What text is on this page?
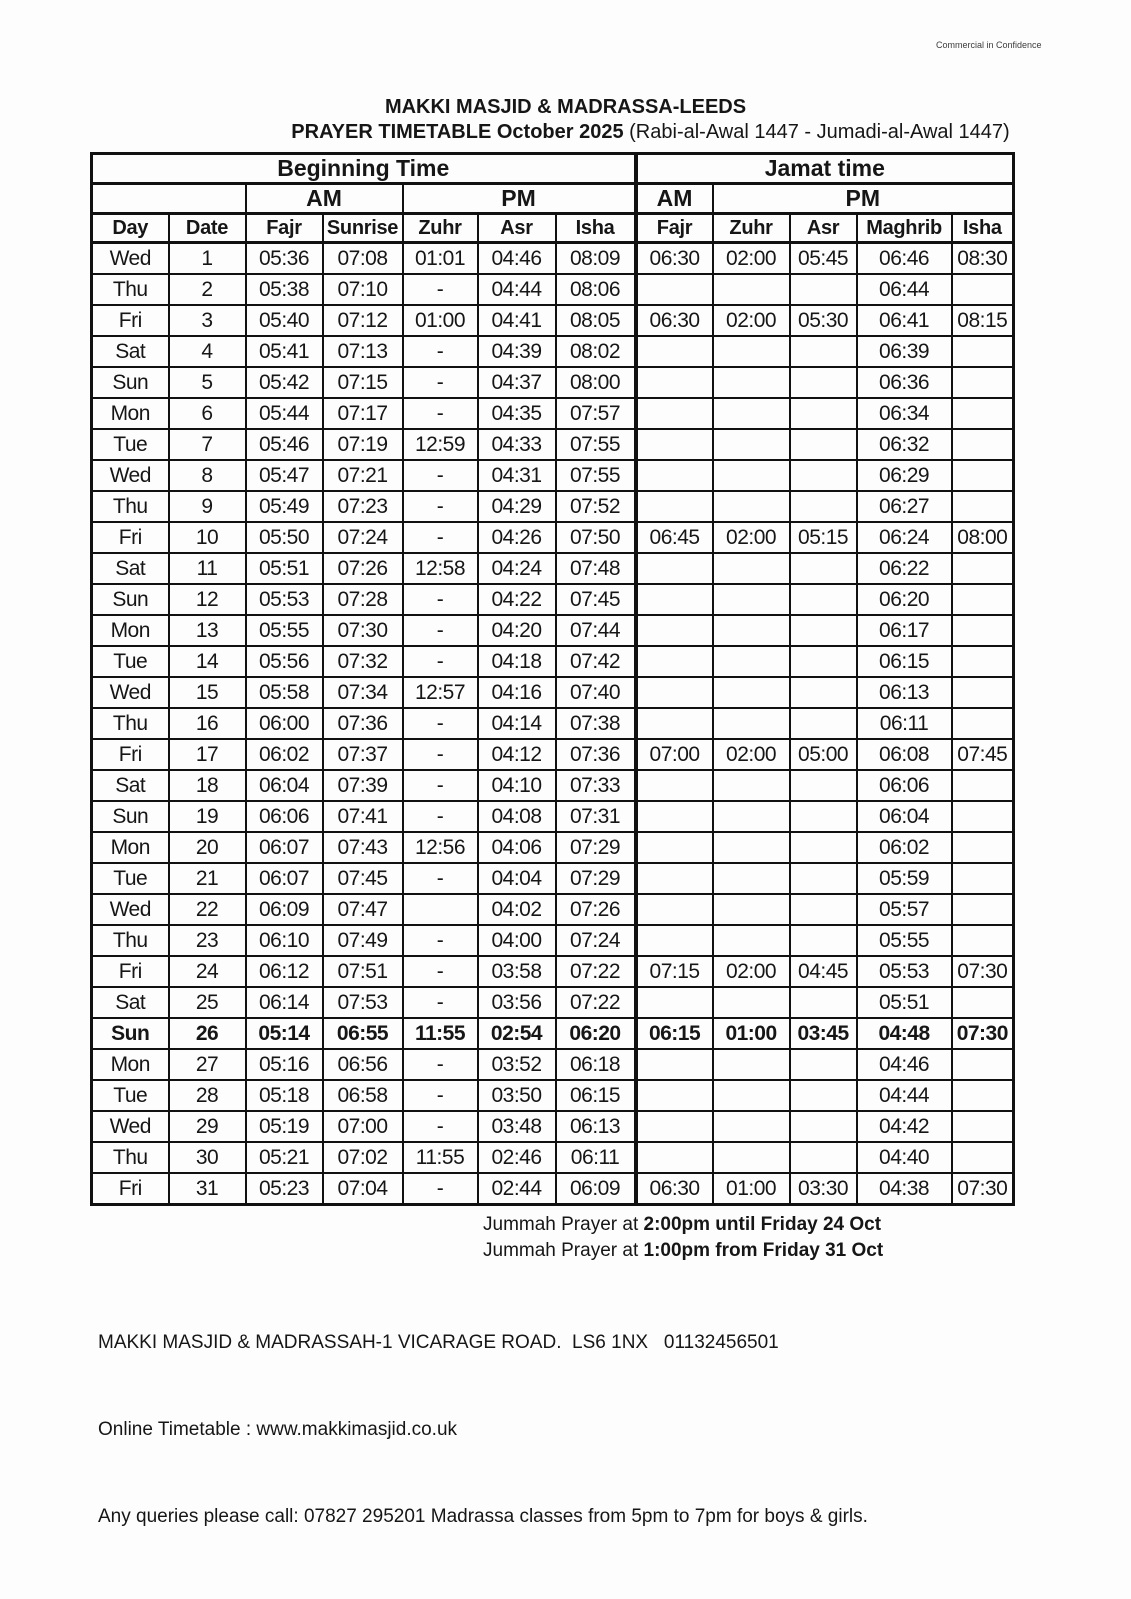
Commercial in Confidence
MAKKI MASJID & MADRASSA-LEEDS
PRAYER TIMETABLE October 2025 (Rabi-al-Awal 1447 - Jumadi-al-Awal 1447)
Beginning Time							Jamat time				
		AM		PM			AM	PM			
Day	Date	Fajr	Sunrise	Zuhr	Asr	Isha	Fajr	Zuhr	Asr	Maghrib	Isha
Wed	1	05:36	07:08	01:01	04:46	08:09	06:30	02:00	05:45	06:46	08:30
Thu	2	05:38	07:10	-	04:44	08:06				06:44	
Fri	3	05:40	07:12	01:00	04:41	08:05	06:30	02:00	05:30	06:41	08:15
Sat	4	05:41	07:13	-	04:39	08:02				06:39	
Sun	5	05:42	07:15	-	04:37	08:00				06:36	
Mon	6	05:44	07:17	-	04:35	07:57				06:34	
Tue	7	05:46	07:19	12:59	04:33	07:55				06:32	
Wed	8	05:47	07:21	-	04:31	07:55				06:29	
Thu	9	05:49	07:23	-	04:29	07:52				06:27	
Fri	10	05:50	07:24	-	04:26	07:50	06:45	02:00	05:15	06:24	08:00
Sat	11	05:51	07:26	12:58	04:24	07:48				06:22	
Sun	12	05:53	07:28	-	04:22	07:45				06:20	
Mon	13	05:55	07:30	-	04:20	07:44				06:17	
Tue	14	05:56	07:32	-	04:18	07:42				06:15	
Wed	15	05:58	07:34	12:57	04:16	07:40				06:13	
Thu	16	06:00	07:36	-	04:14	07:38				06:11	
Fri	17	06:02	07:37	-	04:12	07:36	07:00	02:00	05:00	06:08	07:45
Sat	18	06:04	07:39	-	04:10	07:33				06:06	
Sun	19	06:06	07:41	-	04:08	07:31				06:04	
Mon	20	06:07	07:43	12:56	04:06	07:29				06:02	
Tue	21	06:07	07:45	-	04:04	07:29				05:59	
Wed	22	06:09	07:47		04:02	07:26				05:57	
Thu	23	06:10	07:49	-	04:00	07:24				05:55	
Fri	24	06:12	07:51	-	03:58	07:22	07:15	02:00	04:45	05:53	07:30
Sat	25	06:14	07:53	-	03:56	07:22				05:51	
Sun	26	05:14	06:55	11:55	02:54	06:20	06:15	01:00	03:45	04:48	07:30
Mon	27	05:16	06:56	-	03:52	06:18				04:46	
Tue	28	05:18	06:58	-	03:50	06:15				04:44	
Wed	29	05:19	07:00	-	03:48	06:13				04:42	
Thu	30	05:21	07:02	11:55	02:46	06:11				04:40	
Fri	31	05:23	07:04	-	02:44	06:09	06:30	01:00	03:30	04:38	07:30
Jummah Prayer at 2:00pm until Friday 24 Oct
Jummah Prayer at 1:00pm from Friday 31 Oct

MAKKI MASJID & MADRASSAH-1 VICARAGE ROAD.  LS6 1NX   01132456501

Online Timetable : www.makkimasjid.co.uk

Any queries please call: 07827 295201 Madrassa classes from 5pm to 7pm for boys & girls.
